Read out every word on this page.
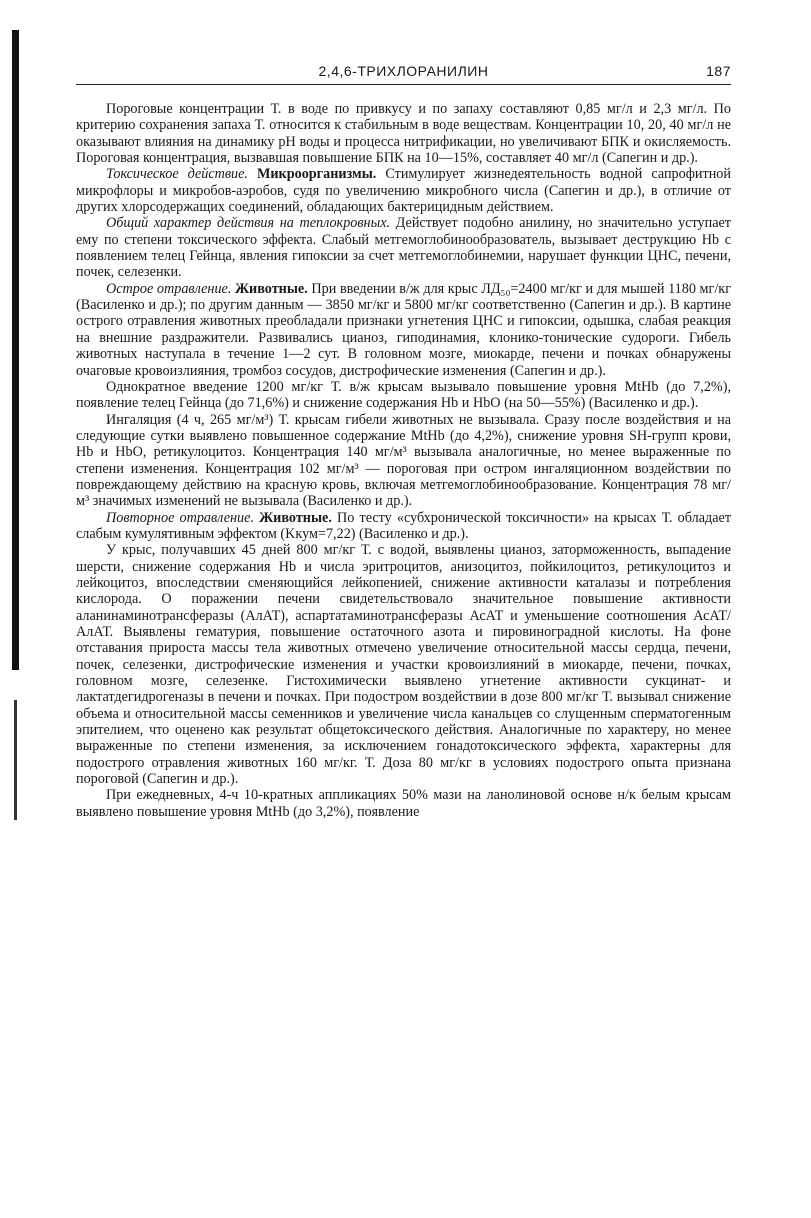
2,4,6-ТРИХЛОРАНИЛИН	187

Пороговые концентрации Т. в воде по привкусу и по запаху составляют 0,85 мг/л и 2,3 мг/л. По критерию сохранения запаха Т. относится к стабильным в воде веществам. Концентрации 10, 20, 40 мг/л не оказывают влияния на динамику pH воды и процесса нитрификации, но увеличивают БПК и окисляемость. Пороговая концентрация, вызвавшая повышение БПК на 10—15%, составляет 40 мг/л (Сапегин и др.).

Токсическое действие. Микроорганизмы. Стимулирует жизнедеятельность водной сапрофитной микрофлоры и микробов-аэробов, судя по увеличению микробного числа (Сапегин и др.), в отличие от других хлорсодержащих соединений, обладающих бактерицидным действием.

Общий характер действия на теплокровных. Действует подобно анилину, но значительно уступает ему по степени токсического эффекта. Слабый метгемоглобинообразователь, вызывает деструкцию Hb с появлением телец Гейнца, явления гипоксии за счет метгемоглобинемии, нарушает функции ЦНС, печени, почек, селезенки.

Острое отравление. Животные. При введении в/ж для крыс ЛД₅₀=2400 мг/кг и для мышей 1180 мг/кг (Василенко и др.); по другим данным — 3850 мг/кг и 5800 мг/кг соответственно (Сапегин и др.). В картине острого отравления животных преобладали признаки угнетения ЦНС и гипоксии, одышка, слабая реакция на внешние раздражители. Развивались цианоз, гиподинамия, клонико-тонические судороги. Гибель животных наступала в течение 1—2 сут. В головном мозге, миокарде, печени и почках обнаружены очаговые кровоизлияния, тромбоз сосудов, дистрофические изменения (Сапегин и др.).

Однократное введение 1200 мг/кг Т. в/ж крысам вызывало повышение уровня MtHb (до 7,2%), появление телец Гейнца (до 71,6%) и снижение содержания Hb и HbO (на 50—55%) (Василенко и др.).

Ингаляция (4 ч, 265 мг/м³) Т. крысам гибели животных не вызывала. Сразу после воздействия и на следующие сутки выявлено повышенное содержание MtHb (до 4,2%), снижение уровня SH-групп крови, Hb и HbO, ретикулоцитоз. Концентрация 140 мг/м³ вызывала аналогичные, но менее выраженные по степени изменения. Концентрация 102 мг/м³ — пороговая при остром ингаляционном воздействии по повреждающему действию на красную кровь, включая метгемоглобинообразование. Концентрация 78 мг/м³ значимых изменений не вызывала (Василенко и др.).

Повторное отравление. Животные. По тесту «субхронической токсичности» на крысах Т. обладает слабым кумулятивным эффектом (Kкум=7,22) (Василенко и др.).

У крыс, получавших 45 дней 800 мг/кг Т. с водой, выявлены цианоз, заторможенность, выпадение шерсти, снижение содержания Hb и числа эритроцитов, анизоцитоз, пойкилоцитоз, ретикулоцитоз и лейкоцитоз, впоследствии сменяющийся лейкопенией, снижение активности каталазы и потребления кислорода. О поражении печени свидетельствовало значительное повышение активности аланинаминотрансферазы (АлАТ), аспартатаминотрансферазы АсАТ и уменьшение соотношения АсАТ/АлАТ. Выявлены гематурия, повышение остаточного азота и пировиноградной кислоты. На фоне отставания прироста массы тела животных отмечено увеличение относительной массы сердца, печени, почек, селезенки, дистрофические изменения и участки кровоизлияний в миокарде, печени, почках, головном мозге, селезенке. Гистохимически выявлено угнетение активности сукцинат- и лактатдегидрогеназы в печени и почках. При подостром воздействии в дозе 800 мг/кг Т. вызывал снижение объема и относительной массы семенников и увеличение числа канальцев со слущенным сперматогенным эпителием, что оценено как результат общетоксического действия. Аналогичные по характеру, но менее выраженные по степени изменения, за исключением гонадотоксического эффекта, характерны для подострого отравления животных 160 мг/кг. Т. Доза 80 мг/кг в условиях подострого опыта признана пороговой (Сапегин и др.).

При ежедневных, 4-ч 10-кратных аппликациях 50% мази на ланолиновой основе н/к белым крысам выявлено повышение уровня MtHb (до 3,2%), появление
